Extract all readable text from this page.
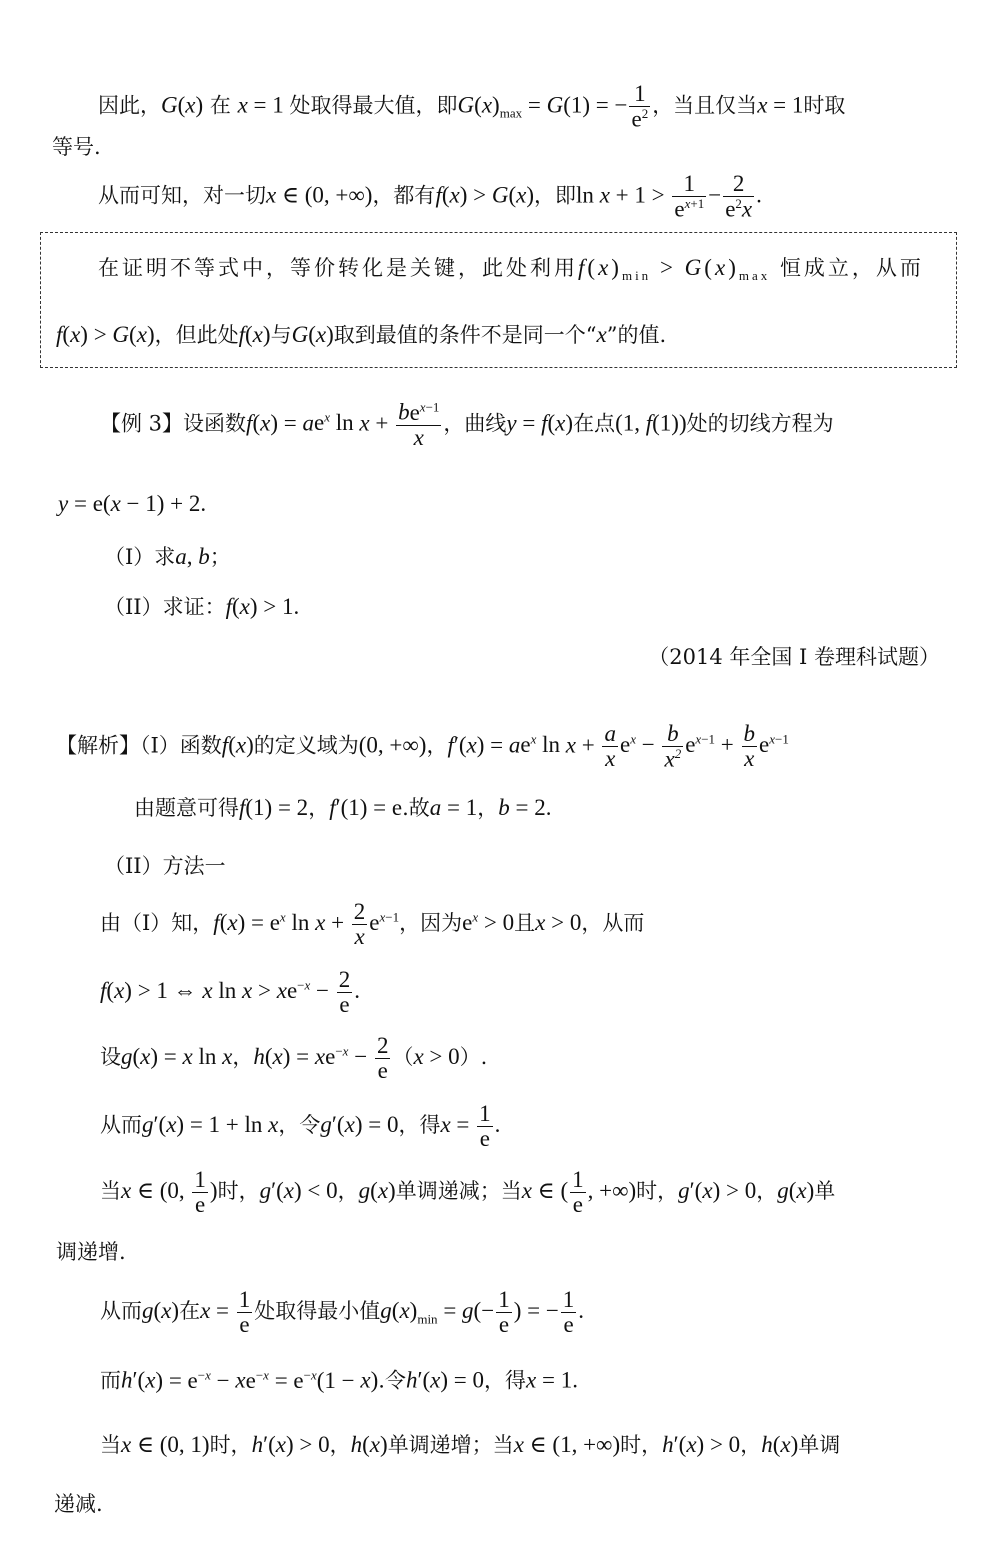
因此，G(x) 在 x = 1 处取得最大值，即$G(x)_{max} = G(1)$ = − $\frac{1}{e^2}$ ，当且仅当x = 1时取
等号.
从而可知，对一切x ∈ (0, +∞)，都有f(x) > G(x)，即$\ln x + 1 > \frac{1}{e^{x+1}} - \frac{2}{e^2x}$ .
在证明不等式中，等价转化是关键，此处利用$f(x)_{min} > G(x)_{max}$ 恒成立，从而
f(x) > G(x)，但此处f(x)与G(x)取到最值的条件不是同一个“x”的值.
【例 3】设函数$f(x) = ae^x$ $\ln x + \frac{be^{x-1}}{x}$ ，曲线y = f(x)在点(1, f(1))处的切线方程为
y = e(x − 1) + 2.
（I）求a, b；
（II）求证：f(x) > 1.
（2014 年全国 I 卷理科试题）
【解析】（I）函数f(x)的定义域为(0, +∞)，$f'(x) = ae^x$ $\ln x + \frac{a}{x} e^x - \frac{b}{x^2} e^{x-1} + \frac{b}{x} e^{x-1}$
由题意可得f(1) = 2，f′(1) = e.故a = 1，b = 2.
（II）方法一
由（I）知，$f(x) = e^x$ $\ln x + \frac{2}{x} e^{x-1}$，因为$e^x > 0$且x > 0，从而
f(x) > 1 ⇔ x $\ln x > xe^{-x} - \frac{2}{e}$ .
设g(x) = x ln x，$h(x) = xe^{-x} - \frac{2}{e} (x > 0)$.
从而g′(x) = 1 + ln x，令g′(x) = 0，得$x = \frac{1}{e}$ .
当x ∈ (0, $\frac{1}{e}$ )时，g′(x) < 0，g(x)单调递减；当x ∈ ( $\frac{1}{e}$ , +∞)时，g′(x) > 0，g(x)单
调递增.
从而g(x)在$x = \frac{1}{e}$ 处取得最小值$g(x)_{min} = g(- \frac{1}{e}$ ) = − $\frac{1}{e}$ .
而$h'(x) = e^{-x} - xe^{-x} = e^{-x}(1 - x)$.令h′(x) = 0，得x = 1.
当x ∈ (0, 1)时，h′(x) > 0，h(x)单调递增；当x ∈ (1, +∞)时，h′(x) > 0，h(x)单调
递减.
